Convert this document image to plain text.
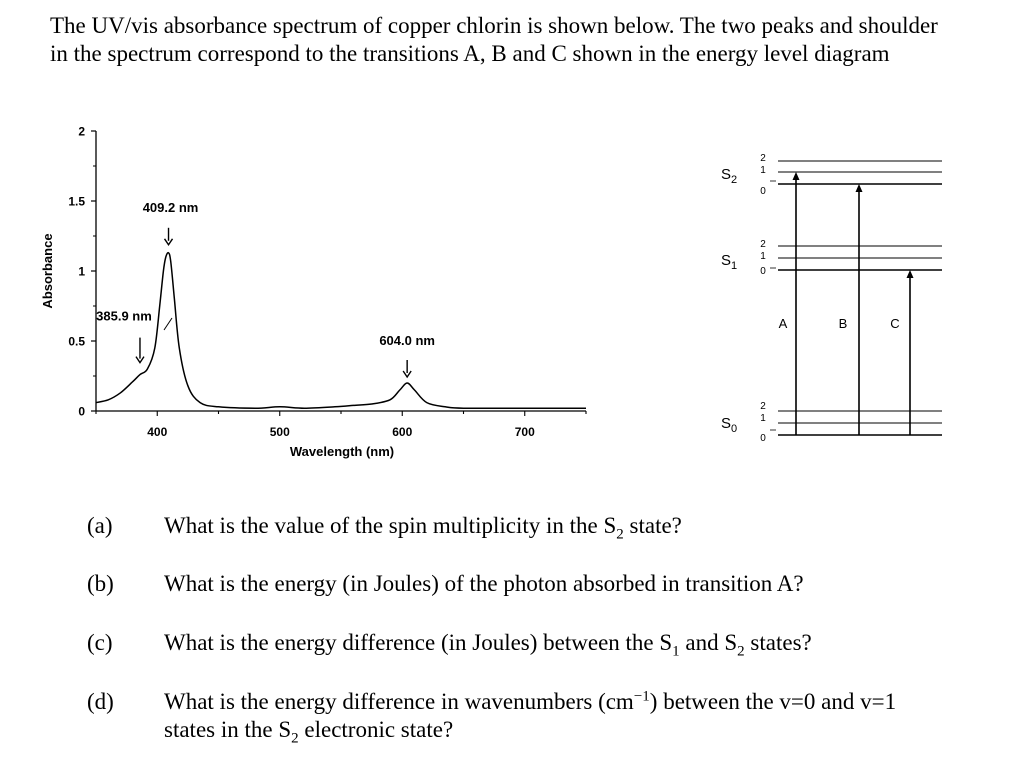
The UV/vis absorbance spectrum of copper chlorin is shown below. The two peaks and shoulder in the spectrum correspond to the transitions A, B and C shown in the energy level diagram
0
0.5
1
1.5
2
400	500	600	700
Absorbance
Wavelength (nm)
409.2 nm
385.9 nm
604.0 nm
$S_2$
$S_1$
$S_0$
2
1
0
2
1
0
2
1
0
A	B	C
(a) What is the value of the spin multiplicity in the $S_2$ state?
(b) What is the energy (in Joules) of the photon absorbed in transition A?
(c) What is the energy difference (in Joules) between the $S_1$ and $S_2$ states?
(d) What is the energy difference in wavenumbers $(cm^{-1})$ between the v=0 and v=1 states in the $S_2$ electronic state?
